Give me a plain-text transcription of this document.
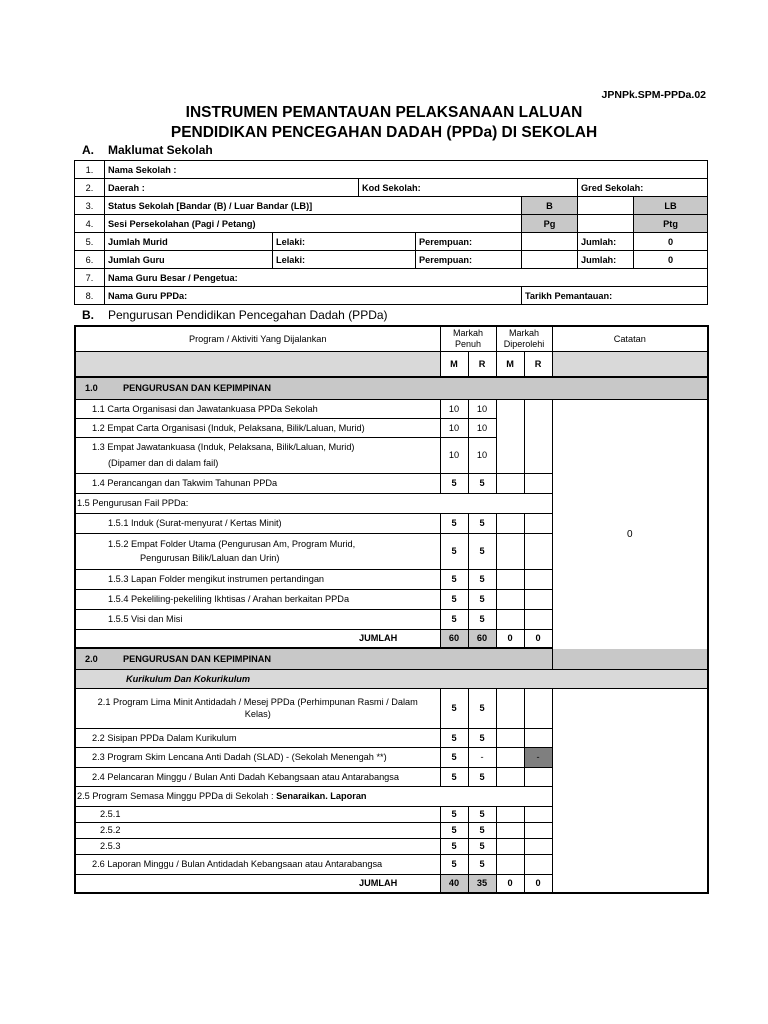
JPNPk.SPM-PPDa.02
INSTRUMEN PEMANTAUAN PELAKSANAAN LALUAN
PENDIDIKAN PENCEGAHAN DADAH (PPDa) DI SEKOLAH
A. Maklumat Sekolah
1.	Nama Sekolah :						
2.	Daerah :		Kod Sekolah:			Gred Sekolah:	
3.	Status Sekolah [Bandar (B) / Luar Bandar (LB)]				B		LB
4.	Sesi Persekolahan (Pagi / Petang)				Pg		Ptg
5.	Jumlah Murid	Lelaki:		Perempuan:		Jumlah:	0
6.	Jumlah Guru	Lelaki:		Perempuan:		Jumlah:	0
7.	Nama Guru Besar / Pengetua:						
8.	Nama Guru PPDa:				Tarikh Pemantauan:		
B. Pengurusan Pendidikan Pencegahan Dadah (PPDa)
Program / Aktiviti Yang Dijalankan	Markah Penuh		Markah Diperolehi		Catatan
	M	R	M	R	
1.0 PENGURUSAN DAN KEPIMPINAN					
1.1 Carta Organisasi dan Jawatankuasa PPDa Sekolah	10	10			0
1.2 Empat Carta Organisasi (Induk, Pelaksana, Bilik/Laluan, Murid)	10	10			

1.3 Empat Jawatankuasa (Induk, Pelaksana, Bilik/Laluan, Murid)
(Dipamer dan di dalam fail)	10	10			
1.4 Perancangan dan Takwim Tahunan PPDa	5	5			
1.5 Pengurusan Fail PPDa:					
1.5.1 Induk (Surat-menyurat / Kertas Minit)	5	5			

1.5.2 Empat Folder Utama (Pengurusan Am, Program Murid,
Pengurusan Bilik/Laluan dan Urin)	5	5			
1.5.3 Lapan Folder mengikut instrumen pertandingan	5	5			
1.5.4 Pekeliling-pekeliling Ikhtisas / Arahan berkaitan PPDa	5	5			
1.5.5 Visi dan Misi	5	5			
JUMLAH	60	60	0	0	
2.0 PENGURUSAN DAN KEPIMPINAN					
Kurikulum Dan Kokurikulum					
2.1 Program Lima Minit Antidadah / Mesej PPDa (Perhimpunan Rasmi / Dalam Kelas)	5	5			
2.2 Sisipan PPDa Dalam Kurikulum	5	5			
2.3 Program Skim Lencana Anti Dadah (SLAD) - (Sekolah Menengah **)	5	-		-	
2.4 Pelancaran Minggu / Bulan Anti Dadah Kebangsaan atau Antarabangsa	5	5			
2.5 Program Semasa Minggu PPDa di Sekolah : Senaraikan. Laporan					
2.5.1	5	5			
2.5.2	5	5			
2.5.3	5	5			
2.6 Laporan Minggu / Bulan Antidadah Kebangsaan atau Antarabangsa	5	5			
JUMLAH	40	35	0	0	
